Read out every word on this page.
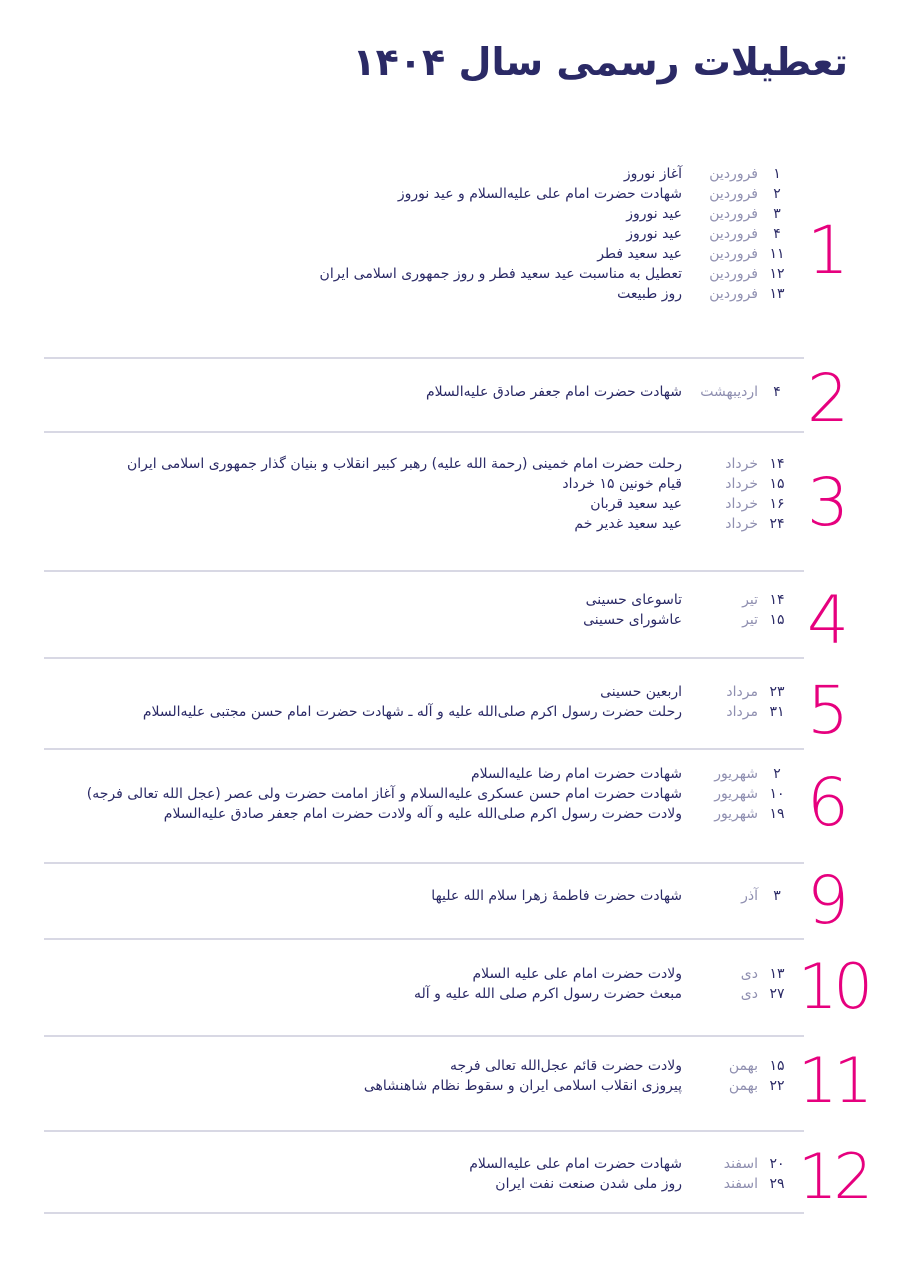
تعطیلات رسمی سال ۱۴۰۴
1
۱
فروردین
آغاز نوروز
۲
فروردین
شهادت حضرت امام علی علیه‌السلام و عید نوروز
۳
فروردین
عید نوروز
۴
فروردین
عید نوروز
۱۱
فروردین
عید سعید فطر
۱۲
فروردین
تعطیل به مناسبت عید سعید فطر و روز جمهوری اسلامی ایران
۱۳
فروردین
روز طبیعت
2
۴
اردیبهشت
شهادت حضرت امام جعفر صادق علیه‌السلام
3
۱۴
خرداد
رحلت حضرت امام خمینی (رحمة الله علیه) رهبر کبیر انقلاب و بنیان گذار جمهوری اسلامی ایران
۱۵
خرداد
قیام خونین ۱۵ خرداد
۱۶
خرداد
عید سعید قربان
۲۴
خرداد
عید سعید غدیر خم
4
۱۴
تیر
تاسوعای حسینی
۱۵
تیر
عاشورای حسینی
5
۲۳
مرداد
اربعین حسینی
۳۱
مرداد
رحلت حضرت رسول اکرم صلی‌الله علیه و آله ـ شهادت حضرت امام حسن مجتبی علیه‌السلام
6
۲
شهریور
شهادت حضرت امام رضا علیه‌السلام
۱۰
شهریور
شهادت حضرت امام حسن عسکری علیه‌السلام و آغاز امامت حضرت ولی عصر (عجل الله تعالی فرجه)
۱۹
شهریور
ولادت حضرت رسول اکرم صلی‌الله علیه و آله ولادت حضرت امام جعفر صادق علیه‌السلام
9
۳
آذر
شهادت حضرت فاطمهٔ زهرا سلام الله علیها
10
۱۳
دی
ولادت حضرت امام علی علیه السلام
۲۷
دی
مبعث حضرت رسول اکرم صلی الله علیه و آله
11
۱۵
بهمن
ولادت حضرت قائم عجل‌الله تعالی فرجه
۲۲
بهمن
پیروزی انقلاب اسلامی ایران و سقوط نظام شاهنشاهی
12
۲۰
اسفند
شهادت حضرت امام علی علیه‌السلام
۲۹
اسفند
روز ملی شدن صنعت نفت ایران
